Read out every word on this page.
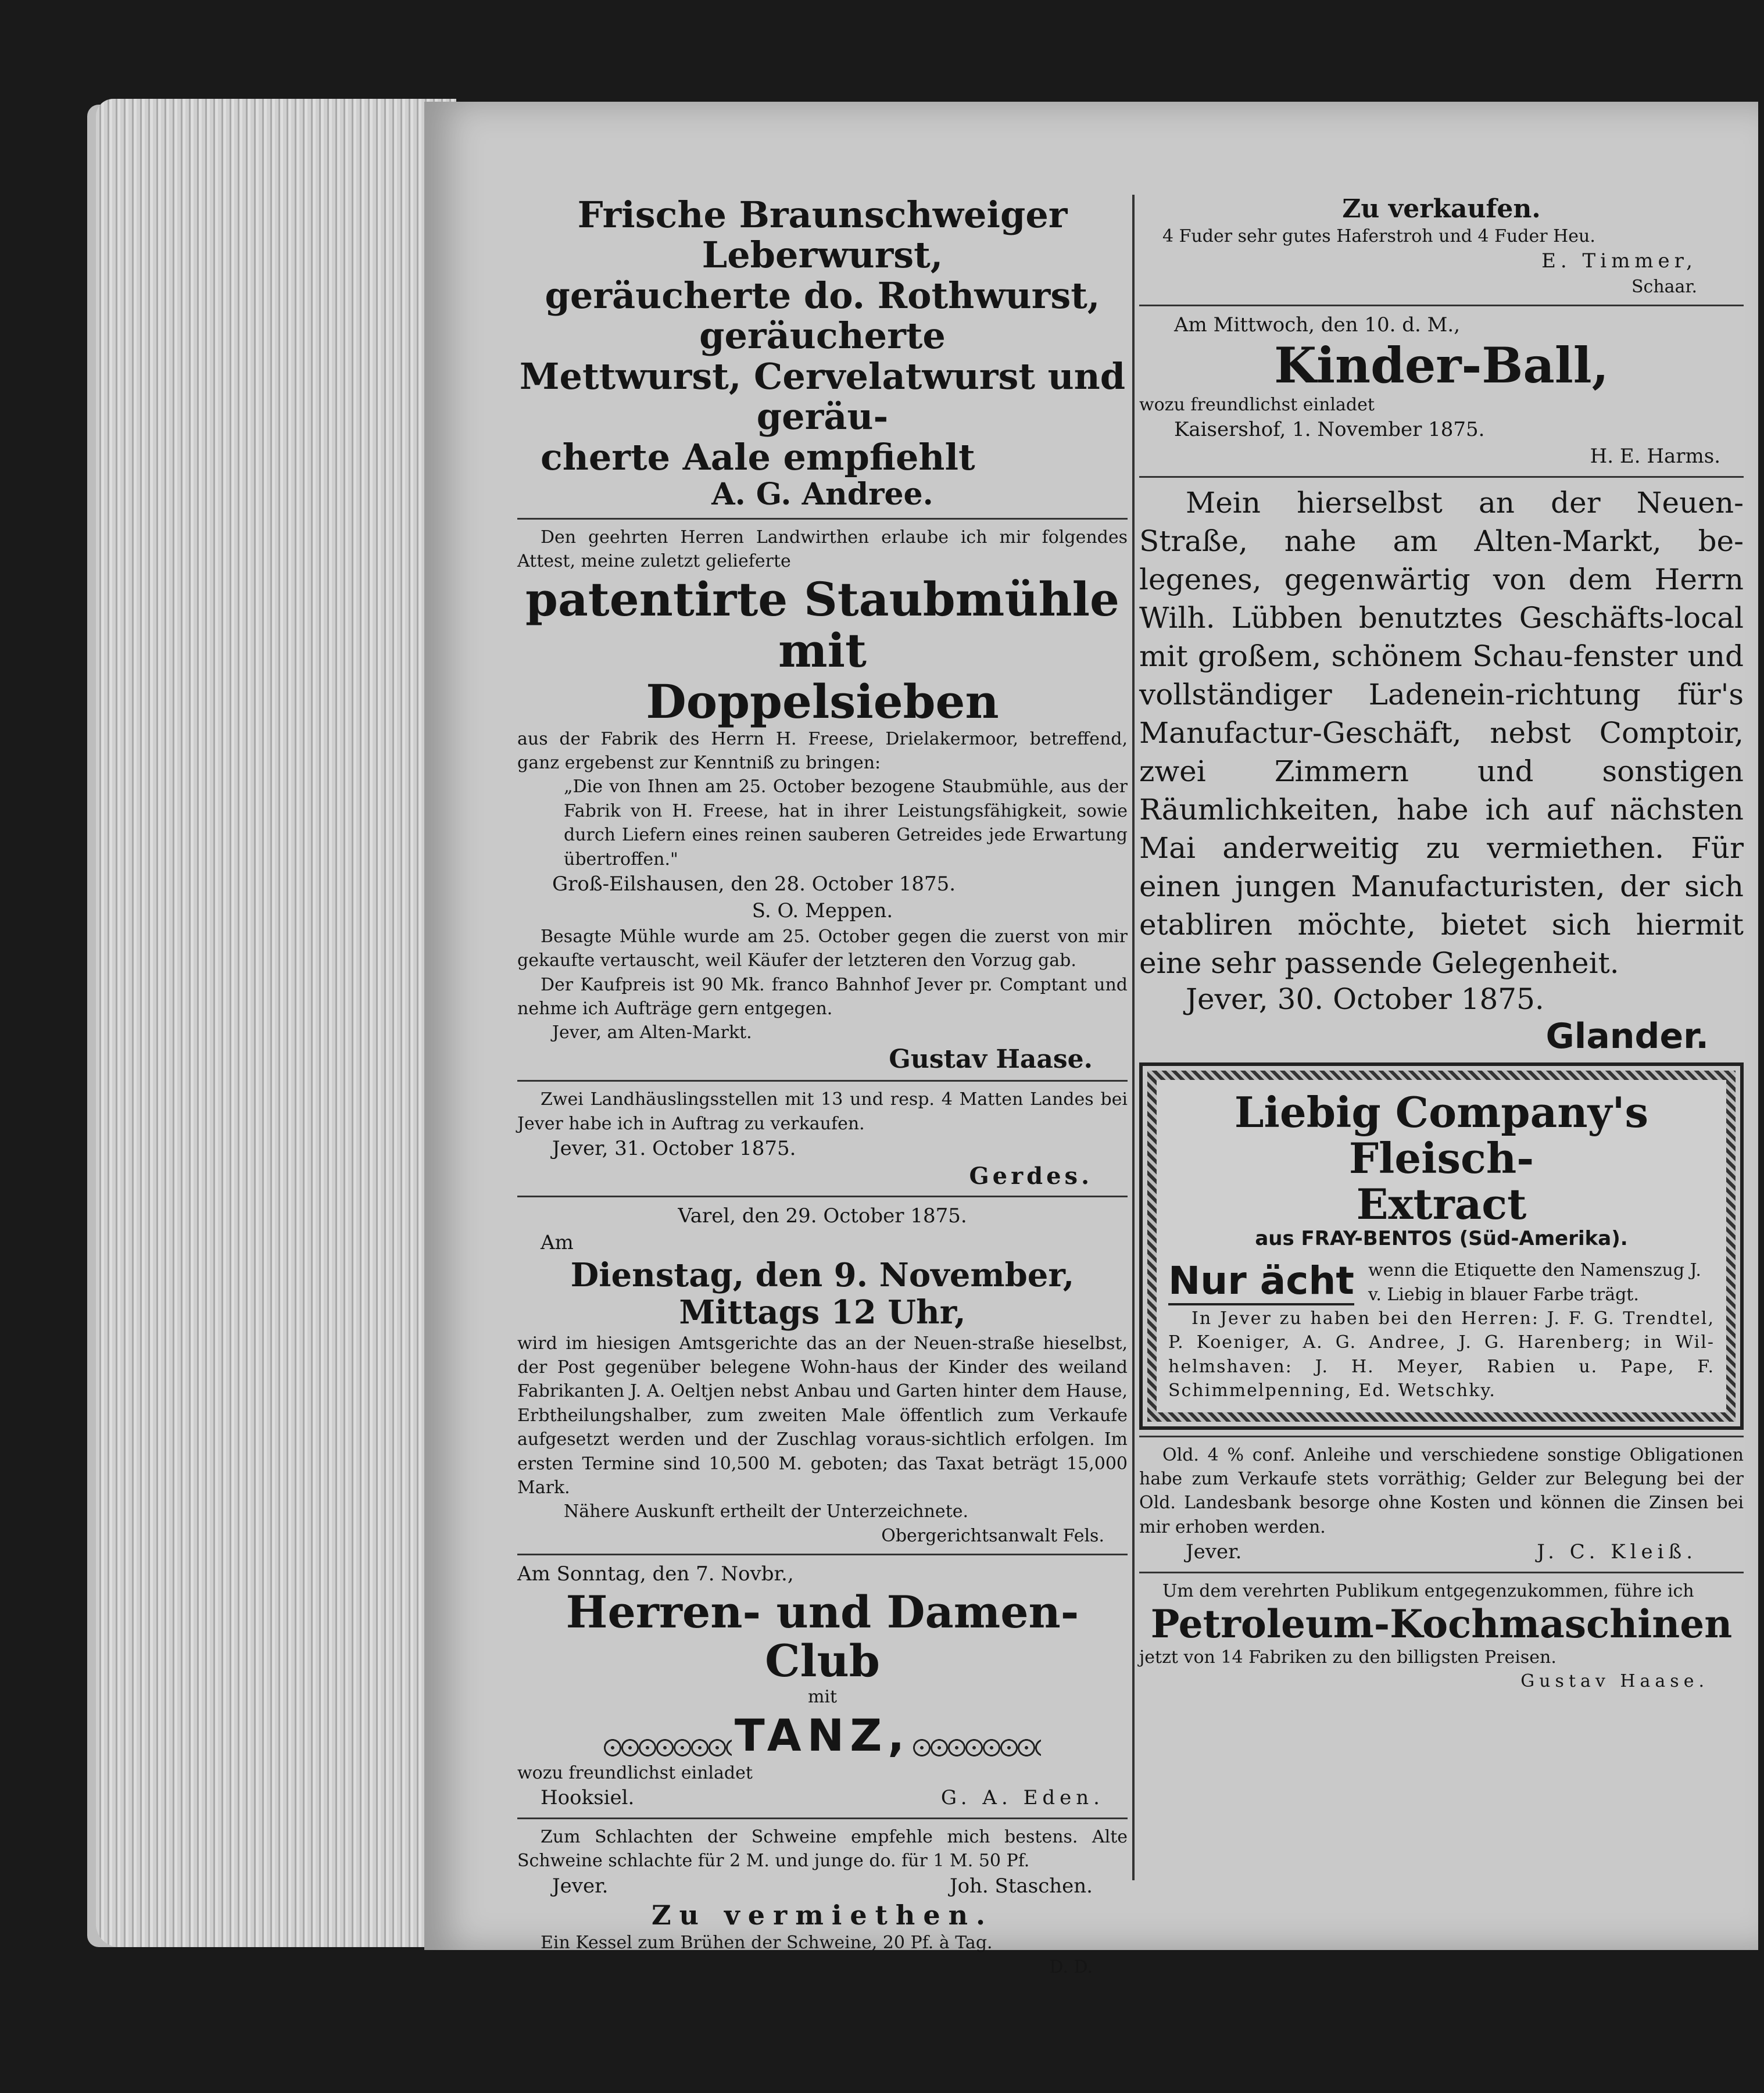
Frische Braunschweiger Leberwurst,
geräucherte do. Rothwurst, geräucherte
Mettwurst, Cervelatwurst und geräu-
cherte Aale empfiehlt
A. G. Andree.
Den geehrten Herren Landwirthen erlaube ich mir folgendes Attest, meine zuletzt gelieferte
patentirte Staubmühle mit
Doppelsieben
aus der Fabrik des Herrn H. Freese, Drielakermoor, betreffend, ganz ergebenst zur Kenntniß zu bringen:
„Die von Ihnen am 25. October bezogene Staubmühle, aus der Fabrik von H. Freese, hat in ihrer Leistungsfähigkeit, sowie durch Liefern eines reinen sauberen Getreides jede Erwartung übertroffen."
Groß-Eilshausen, den 28. October 1875.
S. O. Meppen.
Besagte Mühle wurde am 25. October gegen die zuerst von mir gekaufte vertauscht, weil Käufer der letzteren den Vorzug gab.
Der Kaufpreis ist 90 Mk. franco Bahnhof Jever pr. Comptant und nehme ich Aufträge gern entgegen.
Jever, am Alten-Markt.
Gustav Haase.
Zwei Landhäuslingsstellen mit 13 und resp. 4 Matten Landes bei Jever habe ich in Auftrag zu verkaufen.
Jever, 31. October 1875.
Gerdes.
Varel, den 29. October 1875.
Am
Dienstag, den 9. November,
Mittags 12 Uhr,
wird im hiesigen Amtsgerichte das an der Neuen-straße hieselbst, der Post gegenüber belegene Wohn-haus der Kinder des weiland Fabrikanten J. A. Oeltjen nebst Anbau und Garten hinter dem Hause, Erbtheilungshalber, zum zweiten Male öffentlich zum Verkaufe aufgesetzt werden und der Zuschlag voraus-sichtlich erfolgen. Im ersten Termine sind 10,500 M. geboten; das Taxat beträgt 15,000 Mark.
Nähere Auskunft ertheilt der Unterzeichnete.
Obergerichtsanwalt Fels.
Am Sonntag, den 7. Novbr.,
Herren- und Damen-Club
mit
TANZ,
wozu freundlichst einladet
Hooksiel.	G. A. Eden.
Zum Schlachten der Schweine empfehle mich bestens. Alte Schweine schlachte für 2 M. und junge do. für 1 M. 50 Pf.
Jever.	Joh. Staschen.
Zu vermiethen.
Ein Kessel zum Brühen der Schweine, 20 Pf. à Tag.
D. D.
Zu verkaufen.
4 Fuder sehr gutes Haferstroh und 4 Fuder Heu.
E. Timmer,
Schaar.
Am Mittwoch, den 10. d. M.,
Kinder-Ball,
wozu freundlichst einladet
Kaisershof, 1. November 1875.
H. E. Harms.
Mein hierselbst an der Neuen-Straße, nahe am Alten-Markt, be-legenes, gegenwärtig von dem Herrn Wilh. Lübben benutztes Geschäfts-local mit großem, schönem Schau-fenster und vollständiger Ladenein-richtung für's Manufactur-Geschäft, nebst Comptoir, zwei Zimmern und sonstigen Räumlichkeiten, habe ich auf nächsten Mai anderweitig zu vermiethen. Für einen jungen Manufacturisten, der sich etabliren möchte, bietet sich hiermit eine sehr passende Gelegenheit.
Jever, 30. October 1875.
Glander.
Liebig Company's Fleisch-
Extract
aus FRAY-BENTOS (Süd-Amerika).
Nur ächt wenn die Etiquette den Namenszug J. v. Liebig in blauer Farbe trägt.
In Jever zu haben bei den Herren: J. F. G. Trendtel, P. Koeniger, A. G. Andree, J. G. Harenberg; in Wil-helmshaven: J. H. Meyer, Rabien u. Pape, F. Schimmelpenning, Ed. Wetschky.
Old. 4 % conf. Anleihe und verschiedene sonstige Obligationen habe zum Verkaufe stets vorräthig; Gelder zur Belegung bei der Old. Landesbank besorge ohne Kosten und können die Zinsen bei mir erhoben werden.
Jever.	J. C. Kleiß.
Um dem verehrten Publikum entgegenzukommen, führe ich
Petroleum-Kochmaschinen
jetzt von 14 Fabriken zu den billigsten Preisen.
Gustav Haase.
